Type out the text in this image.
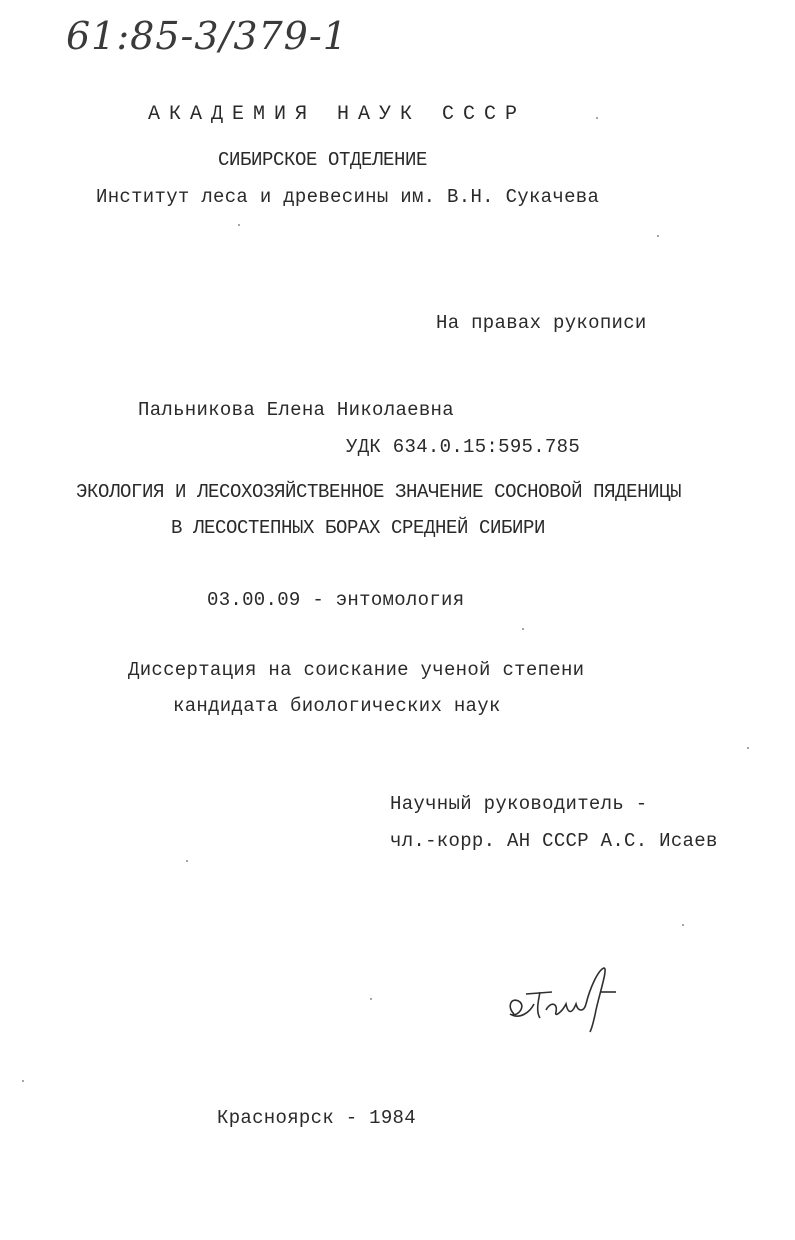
61:85-3/379-1
АКАДЕМИЯ НАУК СССР
СИБИРСКОЕ ОТДЕЛЕНИЕ
Институт леса и древесины им. В.Н. Сукачева
На правах рукописи
Пальникова Елена Николаевна
УДК 634.0.15:595.785
ЭКОЛОГИЯ И ЛЕСОХОЗЯЙСТВЕННОЕ ЗНАЧЕНИЕ СОСНОВОЙ ПЯДЕНИЦЫ
В ЛЕСОСТЕПНЫХ БОРАХ СРЕДНЕЙ СИБИРИ
03.00.09 - энтомология
Диссертация на соискание ученой степени
кандидата биологических наук
Научный руководитель -
чл.-корр. АН СССР А.С. Исаев
Красноярск - 1984
